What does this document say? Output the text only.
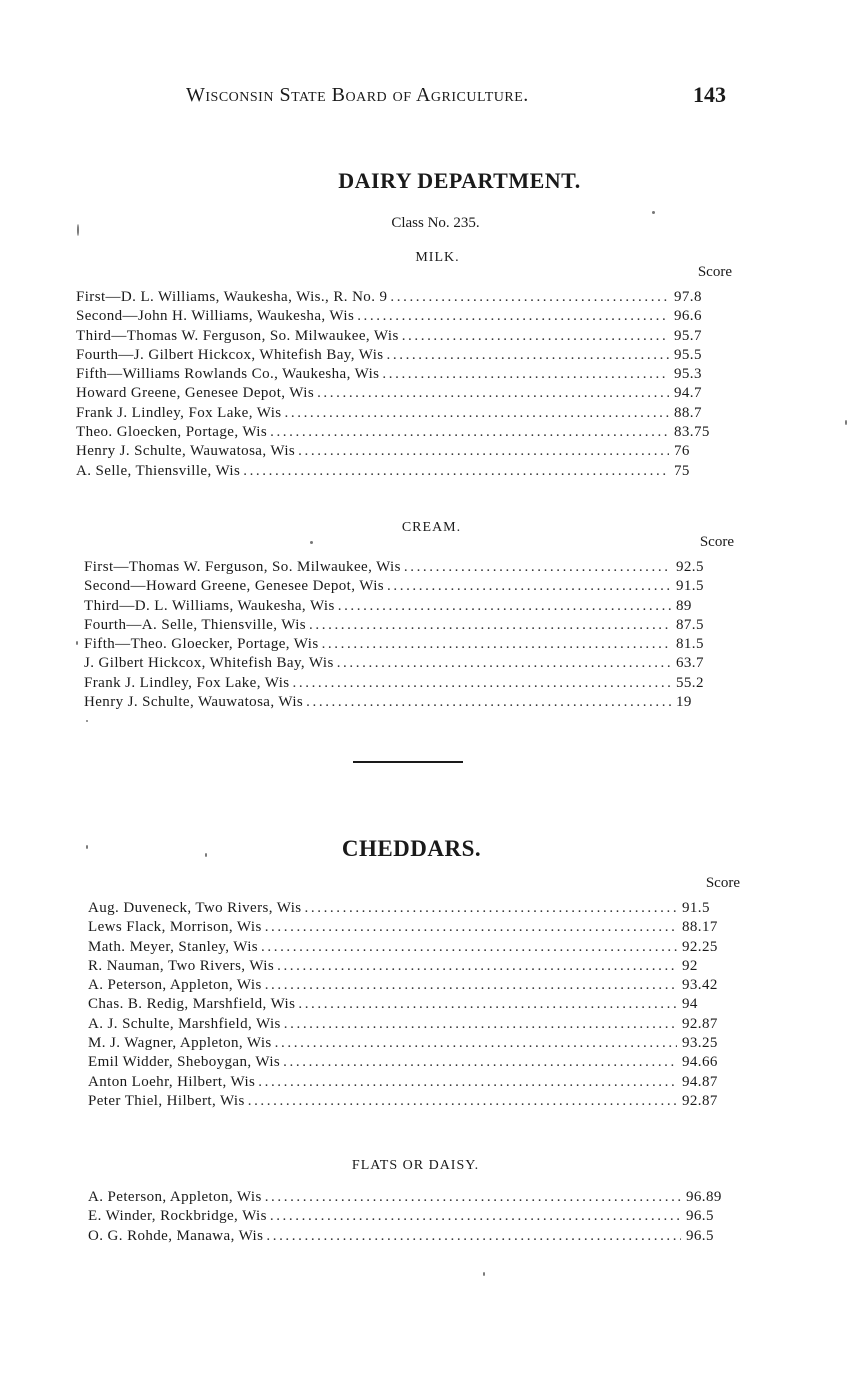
Wisconsin State Board of Agriculture.	143
DAIRY DEPARTMENT.
Class No. 235.
MILK.
Score
First—D. L. Williams, Waukesha, Wis., R. No. 9 .....	97.8
Second—John H. Williams, Waukesha, Wis .....	96.6
Third—Thomas W. Ferguson, So. Milwaukee, Wis .....	95.7
Fourth—J. Gilbert Hickcox, Whitefish Bay, Wis .....	95.5
Fifth—Williams Rowlands Co., Waukesha, Wis .....	95.3
Howard Greene, Genesee Depot, Wis .....	94.7
Frank J. Lindley, Fox Lake, Wis .....	88.7
Theo. Gloecken, Portage, Wis .....	83.75
Henry J. Schulte, Wauwatosa, Wis .....	76
A. Selle, Thiensville, Wis .....	75
CREAM.
Score
First—Thomas W. Ferguson, So. Milwaukee, Wis .....	92.5
Second—Howard Greene, Genesee Depot, Wis .....	91.5
Third—D. L. Williams, Waukesha, Wis .....	89
Fourth—A. Selle, Thiensville, Wis .....	87.5
Fifth—Theo. Gloecker, Portage, Wis .....	81.5
J. Gilbert Hickcox, Whitefish Bay, Wis .....	63.7
Frank J. Lindley, Fox Lake, Wis .....	55.2
Henry J. Schulte, Wauwatosa, Wis .....	19
CHEDDARS.
Score
Aug. Duveneck, Two Rivers, Wis .....	91.5
Lews Flack, Morrison, Wis .....	88.17
Math. Meyer, Stanley, Wis .....	92.25
R. Nauman, Two Rivers, Wis .....	92
A. Peterson, Appleton, Wis .....	93.42
Chas. B. Redig, Marshfield, Wis .....	94
A. J. Schulte, Marshfield, Wis .....	92.87
M. J. Wagner, Appleton, Wis .....	93.25
Emil Widder, Sheboygan, Wis .....	94.66
Anton Loehr, Hilbert, Wis .....	94.87
Peter Thiel, Hilbert, Wis .....	92.87
FLATS OR DAISY.
A. Peterson, Appleton, Wis .....	96.89
E. Winder, Rockbridge, Wis .....	96.5
O. G. Rohde, Manawa, Wis .....	96.5
